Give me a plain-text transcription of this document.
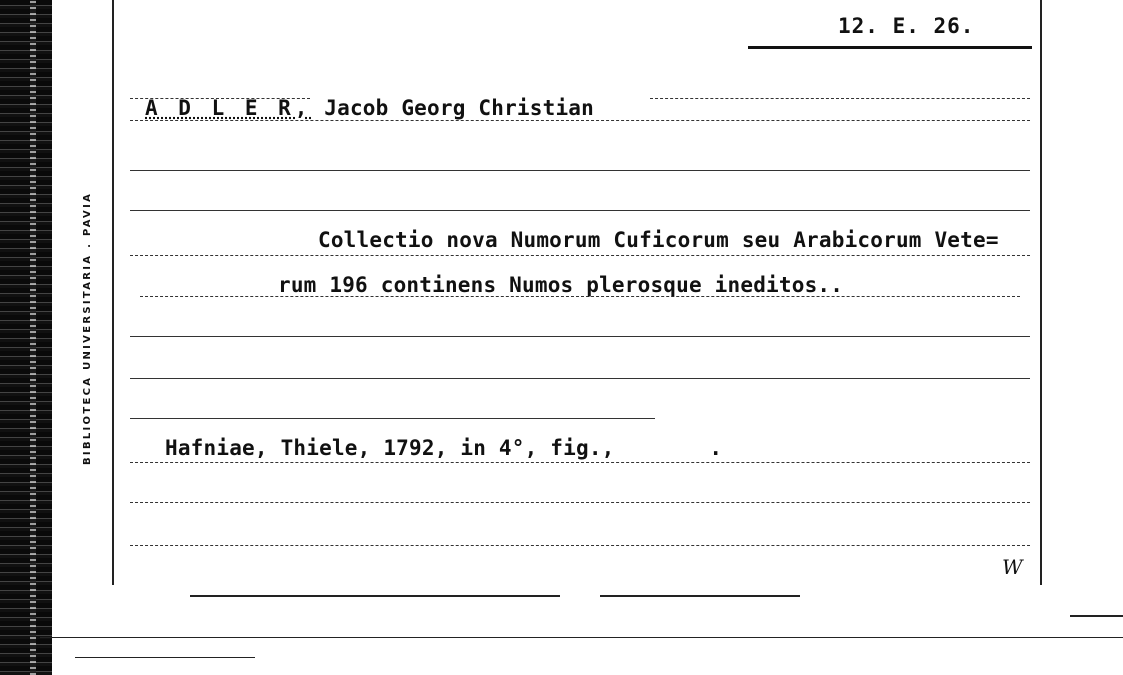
BIBLIOTECA UNIVERSITARIA . PAVIA
12. E. 26.
A D L E R, Jacob Georg Christian
Collectio nova Numorum Cuficorum seu Arabicorum Vete=
rum 196 continens Numos plerosque ineditos..
Hafniae, Thiele, 1792, in 4°, fig.,	.
W
